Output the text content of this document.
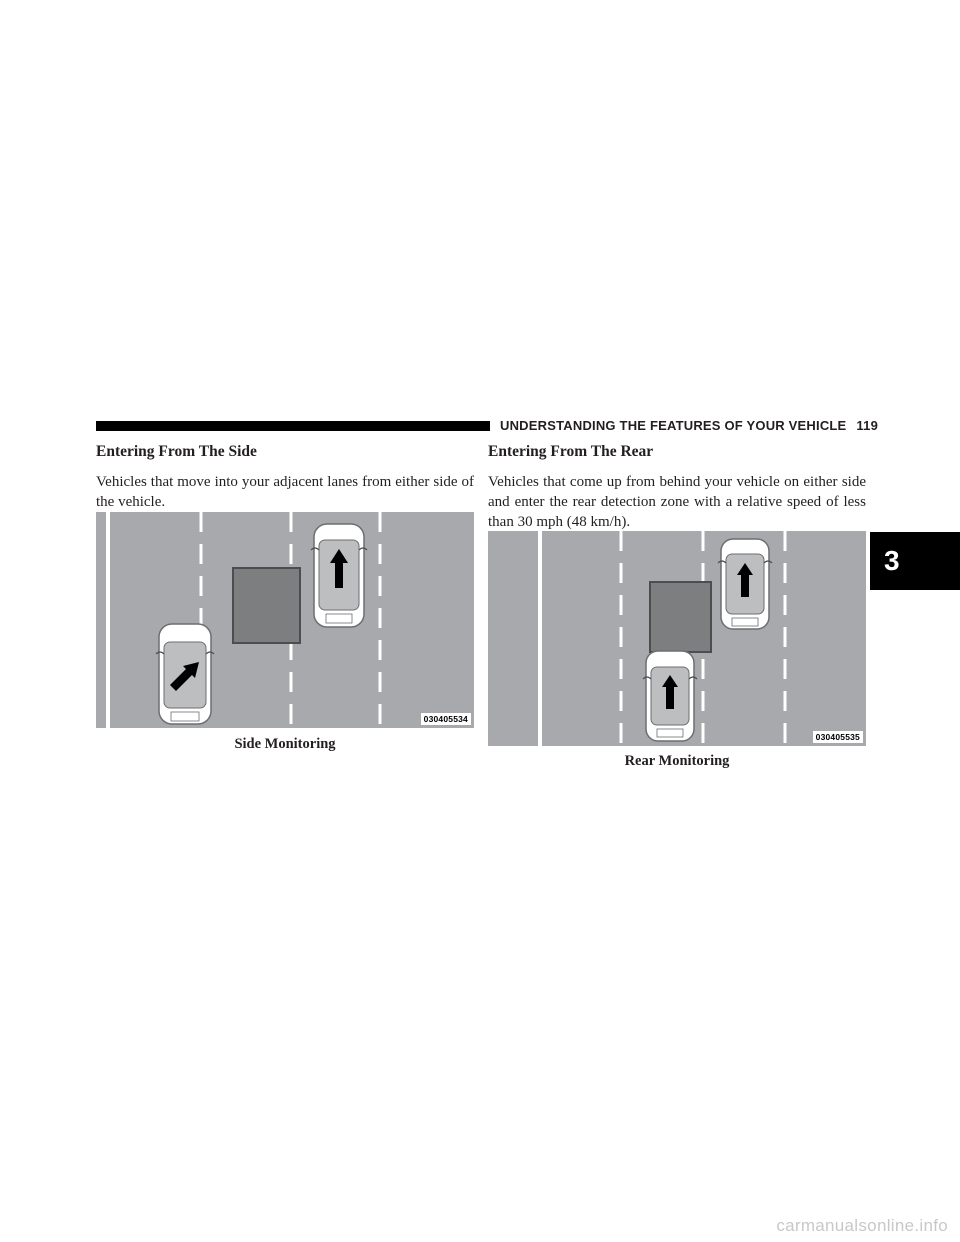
UNDERSTANDING THE FEATURES OF YOUR VEHICLE 119
Entering From The Side

Vehicles that move into your adjacent lanes from either side of the vehicle.

Entering From The Rear

Vehicles that come up from behind your vehicle on either side and enter the rear detection zone with a relative speed of less than 30 mph (48 km/h).

030405534
Side Monitoring	030405535
Rear Monitoring
3
carmanualsonline.info
